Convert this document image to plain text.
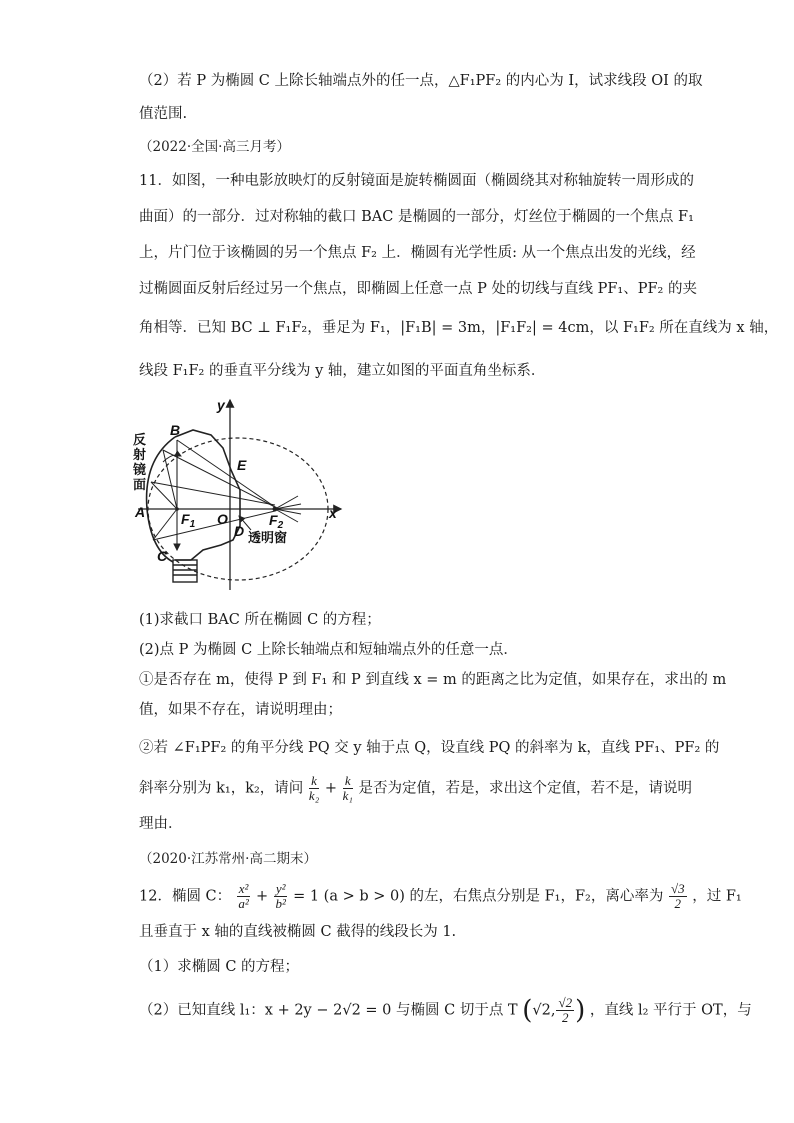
（2）若 P 为椭圆 C 上除长轴端点外的任一点，△F₁PF₂ 的内心为 I，试求线段 OI 的取
值范围.
（2022·全国·高三月考）
11．如图，一种电影放映灯的反射镜面是旋转椭圆面（椭圆绕其对称轴旋转一周形成的
曲面）的一部分．过对称轴的截口 BAC 是椭圆的一部分，灯丝位于椭圆的一个焦点 F₁
上，片门位于该椭圆的另一个焦点 F₂ 上．椭圆有光学性质: 从一个焦点出发的光线，经
过椭圆面反射后经过另一个焦点，即椭圆上任意一点 P 处的切线与直线 PF₁、PF₂ 的夹
角相等．已知 BC ⊥ F₁F₂，垂足为 F₁，|F₁B| = 3m，|F₁F₂| = 4cm，以 F₁F₂ 所在直线为 x 轴，
线段 F₁F₂ 的垂直平分线为 y 轴，建立如图的平面直角坐标系．
反
射
镜
面
B
A
C
E
D
O
$F_1$	$F_2$
x
y
透明窗
(1)求截口 BAC 所在椭圆 C 的方程；
(2)点 P 为椭圆 C 上除长轴端点和短轴端点外的任意一点．
①是否存在 m，使得 P 到 F₁ 和 P 到直线 x = m 的距离之比为定值，如果存在，求出的 m
值，如果不存在，请说明理由；
②若 ∠F₁PF₂ 的角平分线 PQ 交 y 轴于点 Q，设直线 PQ 的斜率为 k，直线 PF₁、PF₂ 的
斜率分别为 k₁，k₂，请问 $\frac{k}{\text{k₂}} + \frac{k}{\text{k₁}}$ 是否为定值，若是，求出这个定值，若不是，请说明
理由．
（2020·江苏常州·高二期末）
12．椭圆 C： $\frac{\text{x²}}{\text{a²}} + \frac{\text{y²}}{\text{b²}} = 1$ (a > b > 0) 的左，右焦点分别是 F₁，F₂，离心率为 $\frac{√3}{2}$ ，过 F₁
且垂直于 x 轴的直线被椭圆 C 截得的线段长为 1.
（1）求椭圆 C 的方程；
（2）已知直线 l₁：x + 2y − 2√2 = 0 与椭圆 C 切于点 T (√2, $\frac{√2}{2}$ ) ，直线 l₂ 平行于 OT，与
